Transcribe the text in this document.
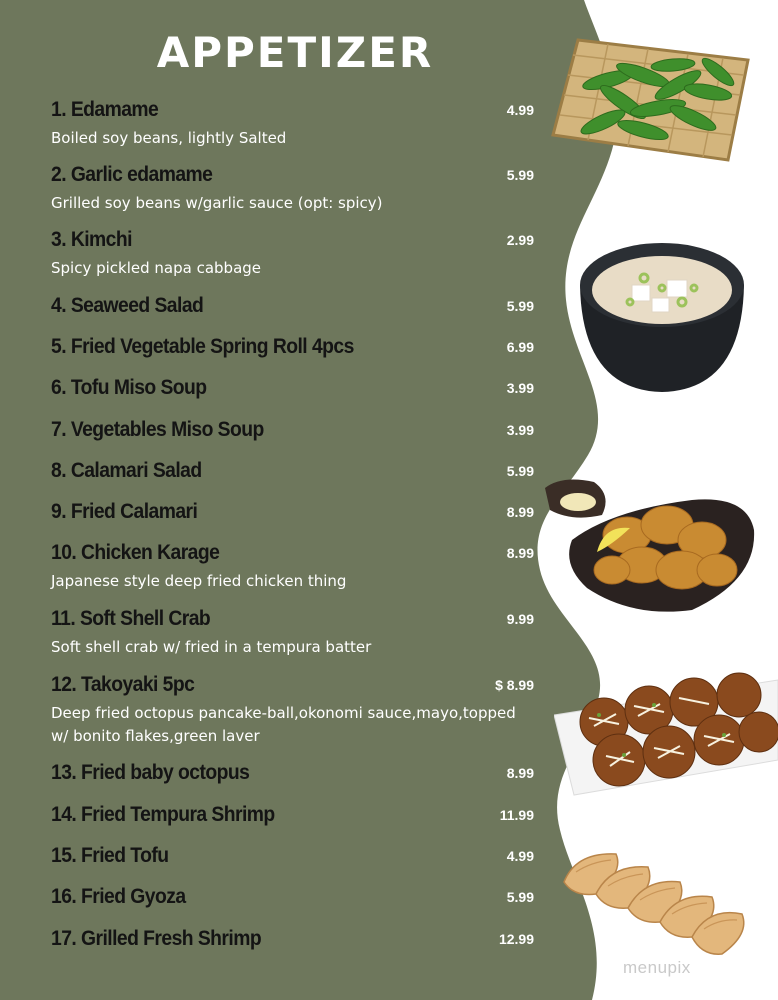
APPETIZER
1. Edamame	4.99
Boiled soy beans, lightly Salted
2. Garlic edamame	5.99
Grilled soy beans w/garlic sauce (opt: spicy)
3. Kimchi	2.99
Spicy pickled napa cabbage
4. Seaweed Salad	5.99
5. Fried Vegetable Spring Roll 4pcs	6.99
6. Tofu Miso Soup	3.99
7. Vegetables Miso Soup	3.99
8. Calamari Salad	5.99
9. Fried Calamari	8.99
10. Chicken Karage	8.99
Japanese style deep fried chicken thing
11. Soft Shell Crab	9.99
Soft shell crab w/ fried in a tempura batter
12. Takoyaki 5pc	$ 8.99
Deep fried octopus pancake-ball,okonomi sauce,mayo,topped w/ bonito flakes,green laver
13. Fried baby octopus	8.99
14. Fried Tempura Shrimp	11.99
15. Fried Tofu	4.99
16. Fried Gyoza	5.99
17. Grilled Fresh Shrimp	12.99
menupix
